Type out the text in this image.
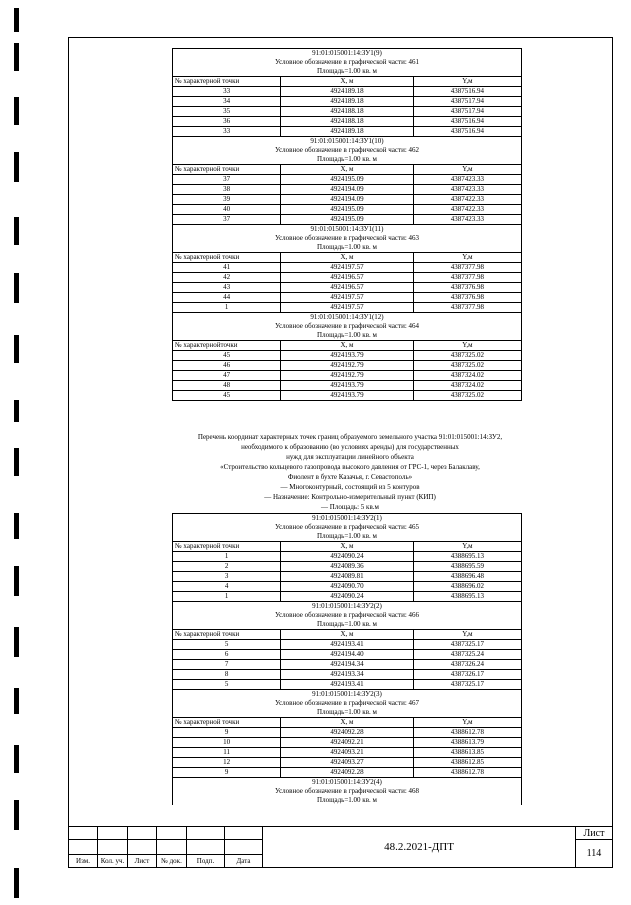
91:01:015001:14:ЗУ1(9)		
Условное обозначение в графической части: 461		
Площадь=1.00 кв. м		
№ характерной точки	X, м	Y,м
33	4924189.18	4387516.94
34	4924189.18	4387517.94
35	4924188.18	4387517.94
36	4924188.18	4387516.94
33	4924189.18	4387516.94
91:01:015001:14:ЗУ1(10)		
Условное обозначение в графической части: 462		
Площадь=1.00 кв. м		
№ характерной точки	X, м	Y,м
37	4924195.09	4387423.33
38	4924194.09	4387423.33
39	4924194.09	4387422.33
40	4924195.09	4387422.33
37	4924195.09	4387423.33
91:01:015001:14:ЗУ1(11)		
Условное обозначение в графической части: 463		
Площадь=1.00 кв. м		
№ характерной точки	X, м	Y,м
41	4924197.57	4387377.98
42	4924196.57	4387377.98
43	4924196.57	4387376.98
44	4924197.57	4387376.98
1	4924197.57	4387377.98
91:01:015001:14:ЗУ1(12)		
Условное обозначение в графической части: 464		
Площадь=1.00 кв. м		
№ характернойточки	X, м	Y,м
45	4924193.79	4387325.02
46	4924192.79	4387325.02
47	4924192.79	4387324.02
48	4924193.79	4387324.02
45	4924193.79	4387325.02
Перечень координат характерных точек границ образуемого земельного участка 91:01:015001:14:ЗУ2,
необходимого к образованию (во условиях аренды) для государственных
нужд для эксплуатации линейного объекта
«Строительство кольцевого газопровода высокого давления от ГРС-1, через Балаклаву,
Фиолент в бухте Казачья, г. Севастополь»
— Многоконтурный, состоящий из 5 контуров
— Назначение: Контрольно-измерительный пункт (КИП)
— Площадь: 5 кв.м
91:01:015001:14:ЗУ2(1)		
Условное обозначение в графической части: 465		
Площадь=1.00 кв. м		
№ характерной точки	X, м	Y,м
1	4924090.24	4388695.13
2	4924089.36	4388695.59
3	4924089.81	4388696.48
4	4924090.70	4388696.02
1	4924090.24	4388695.13
91:01:015001:14:ЗУ2(2)		
Условное обозначение в графической части: 466		
Площадь=1.00 кв. м		
№ характерной точки	X, м	Y,м
5	4924193.41	4387325.17
6	4924194.40	4387325.24
7	4924194.34	4387326.24
8	4924193.34	4387326.17
5	4924193.41	4387325.17
91:01:015001:14:ЗУ2(3)		
Условное обозначение в графической части: 467		
Площадь=1.00 кв. м		
№ характерной точки	X, м	Y,м
9	4924092.28	4388612.78
10	4924092.21	4388613.79
11	4924093.21	4388613.85
12	4924093.27	4388612.85
9	4924092.28	4388612.78
91:01:015001:14:ЗУ2(4)		
Условное обозначение в графической части: 468		
Площадь=1.00 кв. м		
						48.2.2021-ДПТ	Лист
							114
Изм.	Кол. уч.	Лист	№ док.	Подп.	Дата		
